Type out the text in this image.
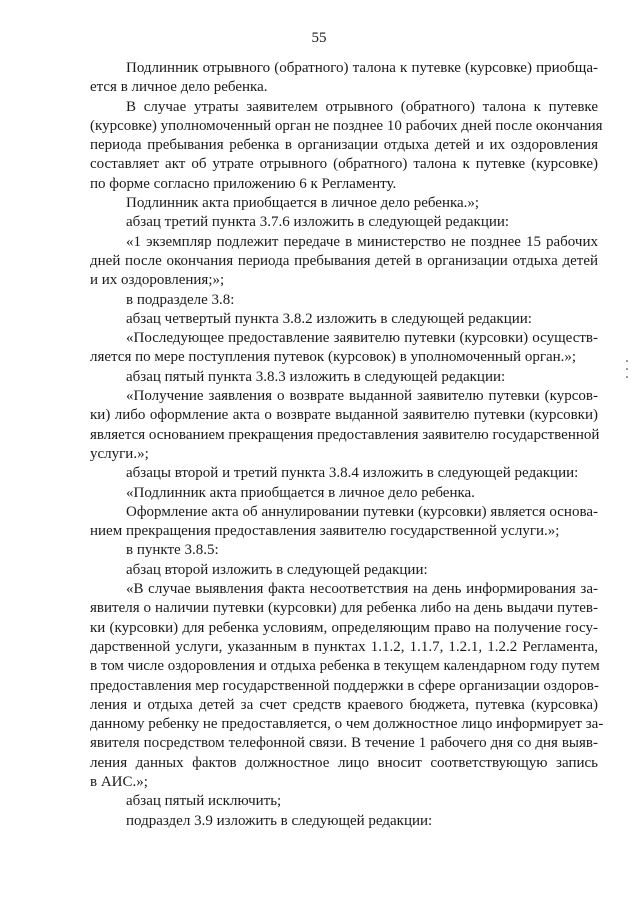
55
Подлинник отрывного (обратного) талона к путевке (курсовке) приобща-
ется в личное дело ребенка.
В случае утраты заявителем отрывного (обратного) талона к путевке
(курсовке) уполномоченный орган не позднее 10 рабочих дней после окончания
периода пребывания ребенка в организации отдыха детей и их оздоровления
составляет акт об утрате отрывного (обратного) талона к путевке (курсовке)
по форме согласно приложению 6 к Регламенту.
Подлинник акта приобщается в личное дело ребенка.»;
абзац третий пункта 3.7.6 изложить в следующей редакции:
«1 экземпляр подлежит передаче в министерство не позднее 15 рабочих
дней после окончания периода пребывания детей в организации отдыха детей
и их оздоровления;»;
в подразделе 3.8:
абзац четвертый пункта 3.8.2 изложить в следующей редакции:
«Последующее предоставление заявителю путевки (курсовки) осуществ-
ляется по мере поступления путевок (курсовок) в уполномоченный орган.»;
абзац пятый пункта 3.8.3 изложить в следующей редакции:
«Получение заявления о возврате выданной заявителю путевки (курсов-
ки) либо оформление акта о возврате выданной заявителю путевки (курсовки)
является основанием прекращения предоставления заявителю государственной
услуги.»;
абзацы второй и третий пункта 3.8.4 изложить в следующей редакции:
«Подлинник акта приобщается в личное дело ребенка.
Оформление акта об аннулировании путевки (курсовки) является основа-
нием прекращения предоставления заявителю государственной услуги.»;
в пункте 3.8.5:
абзац второй изложить в следующей редакции:
«В случае выявления факта несоответствия на день информирования за-
явителя о наличии путевки (курсовки) для ребенка либо на день выдачи путев-
ки (курсовки) для ребенка условиям, определяющим право на получение госу-
дарственной услуги, указанным в пунктах 1.1.2, 1.1.7, 1.2.1, 1.2.2 Регламента,
в том числе оздоровления и отдыха ребенка в текущем календарном году путем
предоставления мер государственной поддержки в сфере организации оздоров-
ления и отдыха детей за счет средств краевого бюджета, путевка (курсовка)
данному ребенку не предоставляется, о чем должностное лицо информирует за-
явителя посредством телефонной связи. В течение 1 рабочего дня со дня выяв-
ления данных фактов должностное лицо вносит соответствующую запись
в АИС.»;
абзац пятый исключить;
подраздел 3.9 изложить в следующей редакции:
